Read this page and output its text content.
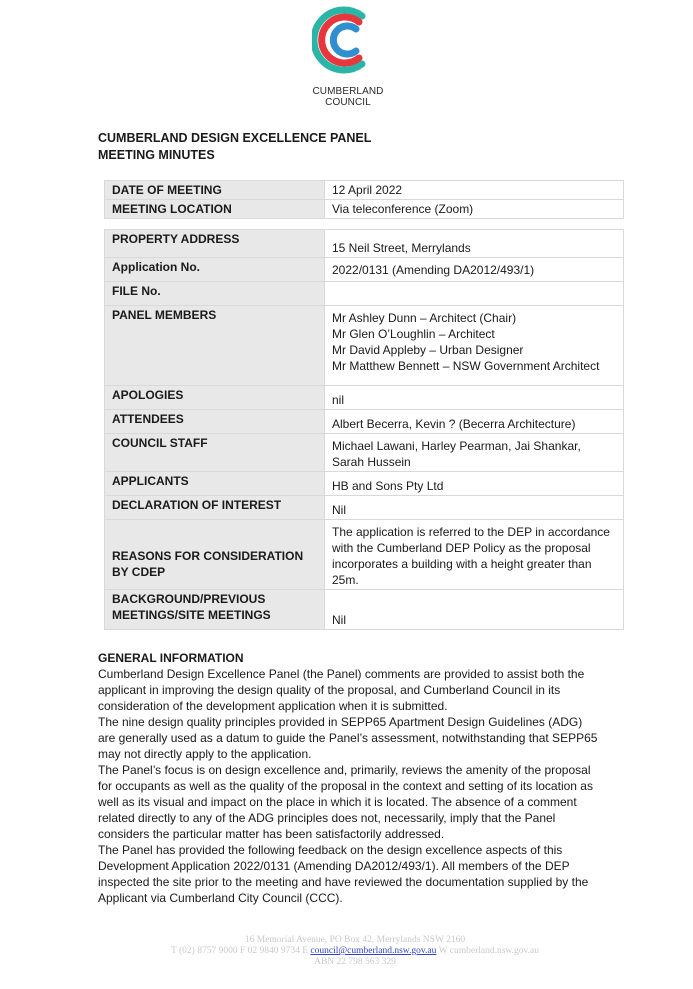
CUMBERLAND
COUNCIL
CUMBERLAND DESIGN EXCELLENCE PANEL
MEETING MINUTES
DATE OF MEETING	12 April 2022
MEETING LOCATION	Via teleconference (Zoom)
PROPERTY ADDRESS	15 Neil Street, Merrylands
Application No.	2022/0131 (Amending DA2012/493/1)
FILE No.	
PANEL MEMBERS	Mr Ashley Dunn – Architect (Chair)
Mr Glen O’Loughlin – Architect
Mr David Appleby – Urban Designer
Mr Matthew Bennett – NSW Government Architect
APOLOGIES	nil
ATTENDEES	Albert Becerra, Kevin ? (Becerra Architecture)
COUNCIL STAFF	Michael Lawani, Harley Pearman, Jai Shankar, Sarah Hussein
APPLICANTS	HB and Sons Pty Ltd
DECLARATION OF INTEREST	Nil
REASONS FOR CONSIDERATION BY CDEP	The application is referred to the DEP in accordance with the Cumberland DEP Policy as the proposal incorporates a building with a height greater than 25m.
BACKGROUND/PREVIOUS MEETINGS/SITE MEETINGS	Nil
GENERAL INFORMATION

Cumberland Design Excellence Panel (the Panel) comments are provided to assist both the applicant in improving the design quality of the proposal, and Cumberland Council in its consideration of the development application when it is submitted.

The nine design quality principles provided in SEPP65 Apartment Design Guidelines (ADG) are generally used as a datum to guide the Panel’s assessment, notwithstanding that SEPP65 may not directly apply to the application.

The Panel’s focus is on design excellence and, primarily, reviews the amenity of the proposal for occupants as well as the quality of the proposal in the context and setting of its location as well as its visual and impact on the place in which it is located. The absence of a comment related directly to any of the ADG principles does not, necessarily, imply that the Panel considers the particular matter has been satisfactorily addressed.

The Panel has provided the following feedback on the design excellence aspects of this Development Application 2022/0131 (Amending DA2012/493/1). All members of the DEP inspected the site prior to the meeting and have reviewed the documentation supplied by the Applicant via Cumberland City Council (CCC).

16 Memorial Avenue, PO Box 42, Merrylands NSW 2160
T (02) 8757 9000 F 02 9840 9734 E council@cumberland.nsw.gov.au W cumberland.nsw.gov.au
ABN 22 798 563 329
